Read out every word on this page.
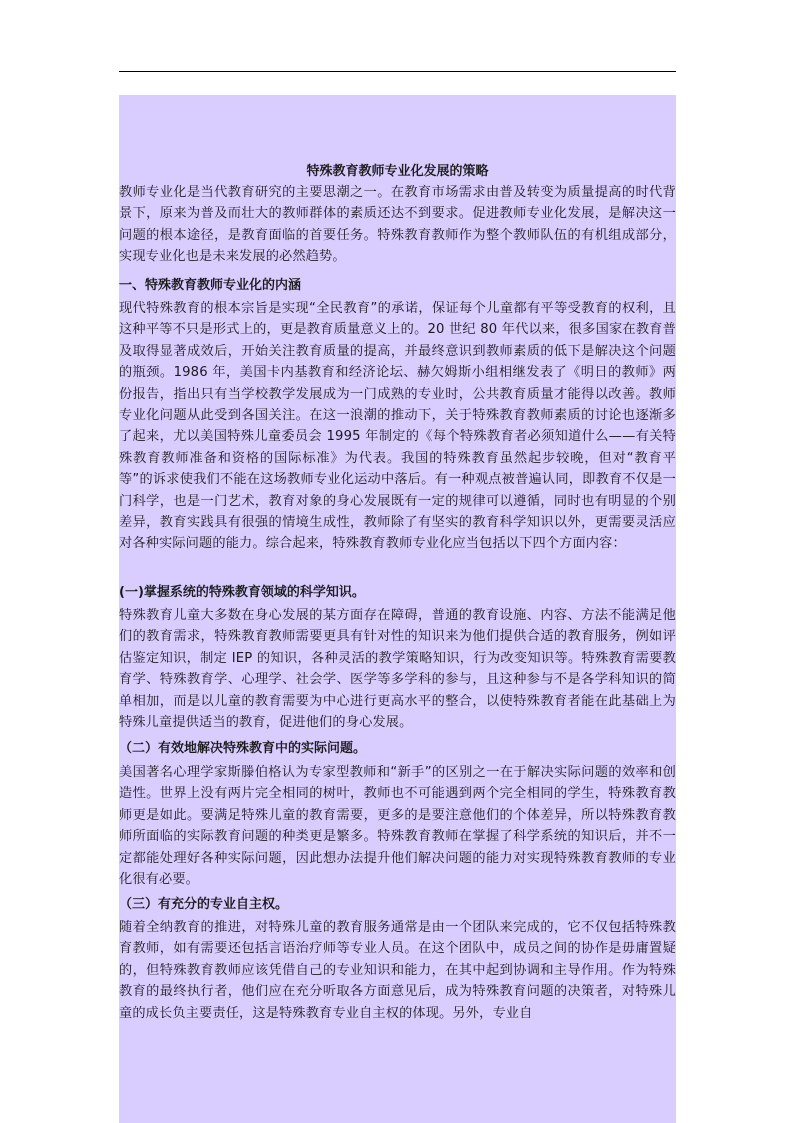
特殊教育教师专业化发展的策略

教师专业化是当代教育研究的主要思潮之一。在教育市场需求由普及转变为质量提高的时代背景下，原来为普及而壮大的教师群体的素质还达不到要求。促进教师专业化发展，是解决这一问题的根本途径，是教育面临的首要任务。特殊教育教师作为整个教师队伍的有机组成部分，实现专业化也是未来发展的必然趋势。

一、特殊教育教师专业化的内涵

现代特殊教育的根本宗旨是实现“全民教育”的承诺，保证每个儿童都有平等受教育的权利，且这种平等不只是形式上的，更是教育质量意义上的。20 世纪 80 年代以来，很多国家在教育普及取得显著成效后，开始关注教育质量的提高，并最终意识到教师素质的低下是解决这个问题的瓶颈。1986 年，美国卡内基教育和经济论坛、赫欠姆斯小组相继发表了《明日的教师》两份报告，指出只有当学校教学发展成为一门成熟的专业时，公共教育质量才能得以改善。教师专业化问题从此受到各国关注。在这一浪潮的推动下，关于特殊教育教师素质的讨论也逐渐多了起来，尤以美国特殊儿童委员会 1995 年制定的《每个特殊教育者必须知道什么——有关特殊教育教师准备和资格的国际标准》为代表。我国的特殊教育虽然起步较晚，但对“教育平等”的诉求使我们不能在这场教师专业化运动中落后。有一种观点被普遍认同，即教育不仅是一门科学，也是一门艺术，教育对象的身心发展既有一定的规律可以遵循，同时也有明显的个别差异，教育实践具有很强的情境生成性，教师除了有坚实的教育科学知识以外，更需要灵活应对各种实际问题的能力。综合起来，特殊教育教师专业化应当包括以下四个方面内容：

(一)掌握系统的特殊教育领域的科学知识。

特殊教育儿童大多数在身心发展的某方面存在障碍，普通的教育设施、内容、方法不能满足他们的教育需求，特殊教育教师需要更具有针对性的知识来为他们提供合适的教育服务，例如评估鉴定知识，制定 IEP 的知识，各种灵活的教学策略知识，行为改变知识等。特殊教育需要教育学、特殊教育学、心理学、社会学、医学等多学科的参与，且这种参与不是各学科知识的简单相加，而是以儿童的教育需要为中心进行更高水平的整合，以使特殊教育者能在此基础上为特殊儿童提供适当的教育，促进他们的身心发展。

（二）有效地解决特殊教育中的实际问题。

美国著名心理学家斯滕伯格认为专家型教师和“新手”的区别之一在于解决实际问题的效率和创造性。世界上没有两片完全相同的树叶，教师也不可能遇到两个完全相同的学生，特殊教育教师更是如此。要满足特殊儿童的教育需要，更多的是要注意他们的个体差异，所以特殊教育教师所面临的实际教育问题的种类更是繁多。特殊教育教师在掌握了科学系统的知识后，并不一定都能处理好各种实际问题，因此想办法提升他们解决问题的能力对实现特殊教育教师的专业化很有必要。

（三）有充分的专业自主权。

随着全纳教育的推进，对特殊儿童的教育服务通常是由一个团队来完成的，它不仅包括特殊教育教师，如有需要还包括言语治疗师等专业人员。在这个团队中，成员之间的协作是毋庸置疑的，但特殊教育教师应该凭借自己的专业知识和能力，在其中起到协调和主导作用。作为特殊教育的最终执行者，他们应在充分听取各方面意见后，成为特殊教育问题的决策者，对特殊儿童的成长负主要责任，这是特殊教育专业自主权的体现。另外，专业自
